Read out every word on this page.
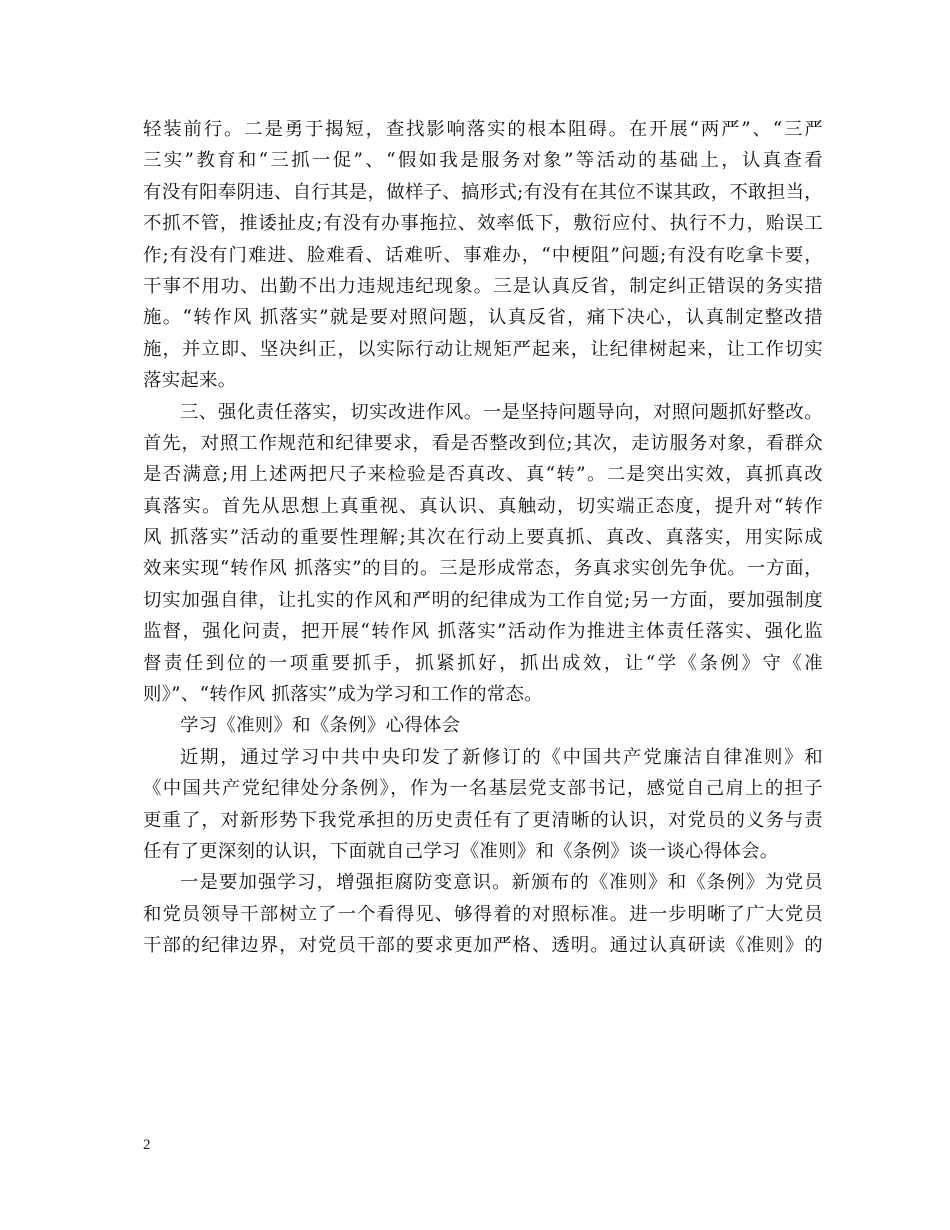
轻装前行。二是勇于揭短，查找影响落实的根本阻碍。在开展“两严”、“三严
三实”教育和“三抓一促”、“假如我是服务对象”等活动的基础上，认真查看
有没有阳奉阴违、自行其是，做样子、搞形式;有没有在其位不谋其政，不敢担当，
不抓不管，推诿扯皮;有没有办事拖拉、效率低下，敷衍应付、执行不力，贻误工
作;有没有门难进、脸难看、话难听、事难办，“中梗阻”问题;有没有吃拿卡要，
干事不用功、出勤不出力违规违纪现象。三是认真反省，制定纠正错误的务实措
施。“转作风 抓落实”就是要对照问题，认真反省，痛下决心，认真制定整改措
施，并立即、坚决纠正，以实际行动让规矩严起来，让纪律树起来，让工作切实
落实起来。
三、强化责任落实，切实改进作风。一是坚持问题导向，对照问题抓好整改。
首先，对照工作规范和纪律要求，看是否整改到位;其次，走访服务对象，看群众
是否满意;用上述两把尺子来检验是否真改、真“转”。二是突出实效，真抓真改
真落实。首先从思想上真重视、真认识、真触动，切实端正态度，提升对“转作
风 抓落实”活动的重要性理解;其次在行动上要真抓、真改、真落实，用实际成
效来实现“转作风 抓落实”的目的。三是形成常态，务真求实创先争优。一方面，
切实加强自律，让扎实的作风和严明的纪律成为工作自觉;另一方面，要加强制度
监督，强化问责，把开展“转作风 抓落实”活动作为推进主体责任落实、强化监
督责任到位的一项重要抓手，抓紧抓好，抓出成效，让“学《条例》守《准
则》”、“转作风 抓落实”成为学习和工作的常态。
学习《准则》和《条例》心得体会
近期，通过学习中共中央印发了新修订的《中国共产党廉洁自律准则》和
《中国共产党纪律处分条例》，作为一名基层党支部书记，感觉自己肩上的担子
更重了，对新形势下我党承担的历史责任有了更清晰的认识，对党员的义务与责
任有了更深刻的认识，下面就自己学习《准则》和《条例》谈一谈心得体会。
一是要加强学习，增强拒腐防变意识。新颁布的《准则》和《条例》为党员
和党员领导干部树立了一个看得见、够得着的对照标准。进一步明晰了广大党员
干部的纪律边界，对党员干部的要求更加严格、透明。通过认真研读《准则》的
2
